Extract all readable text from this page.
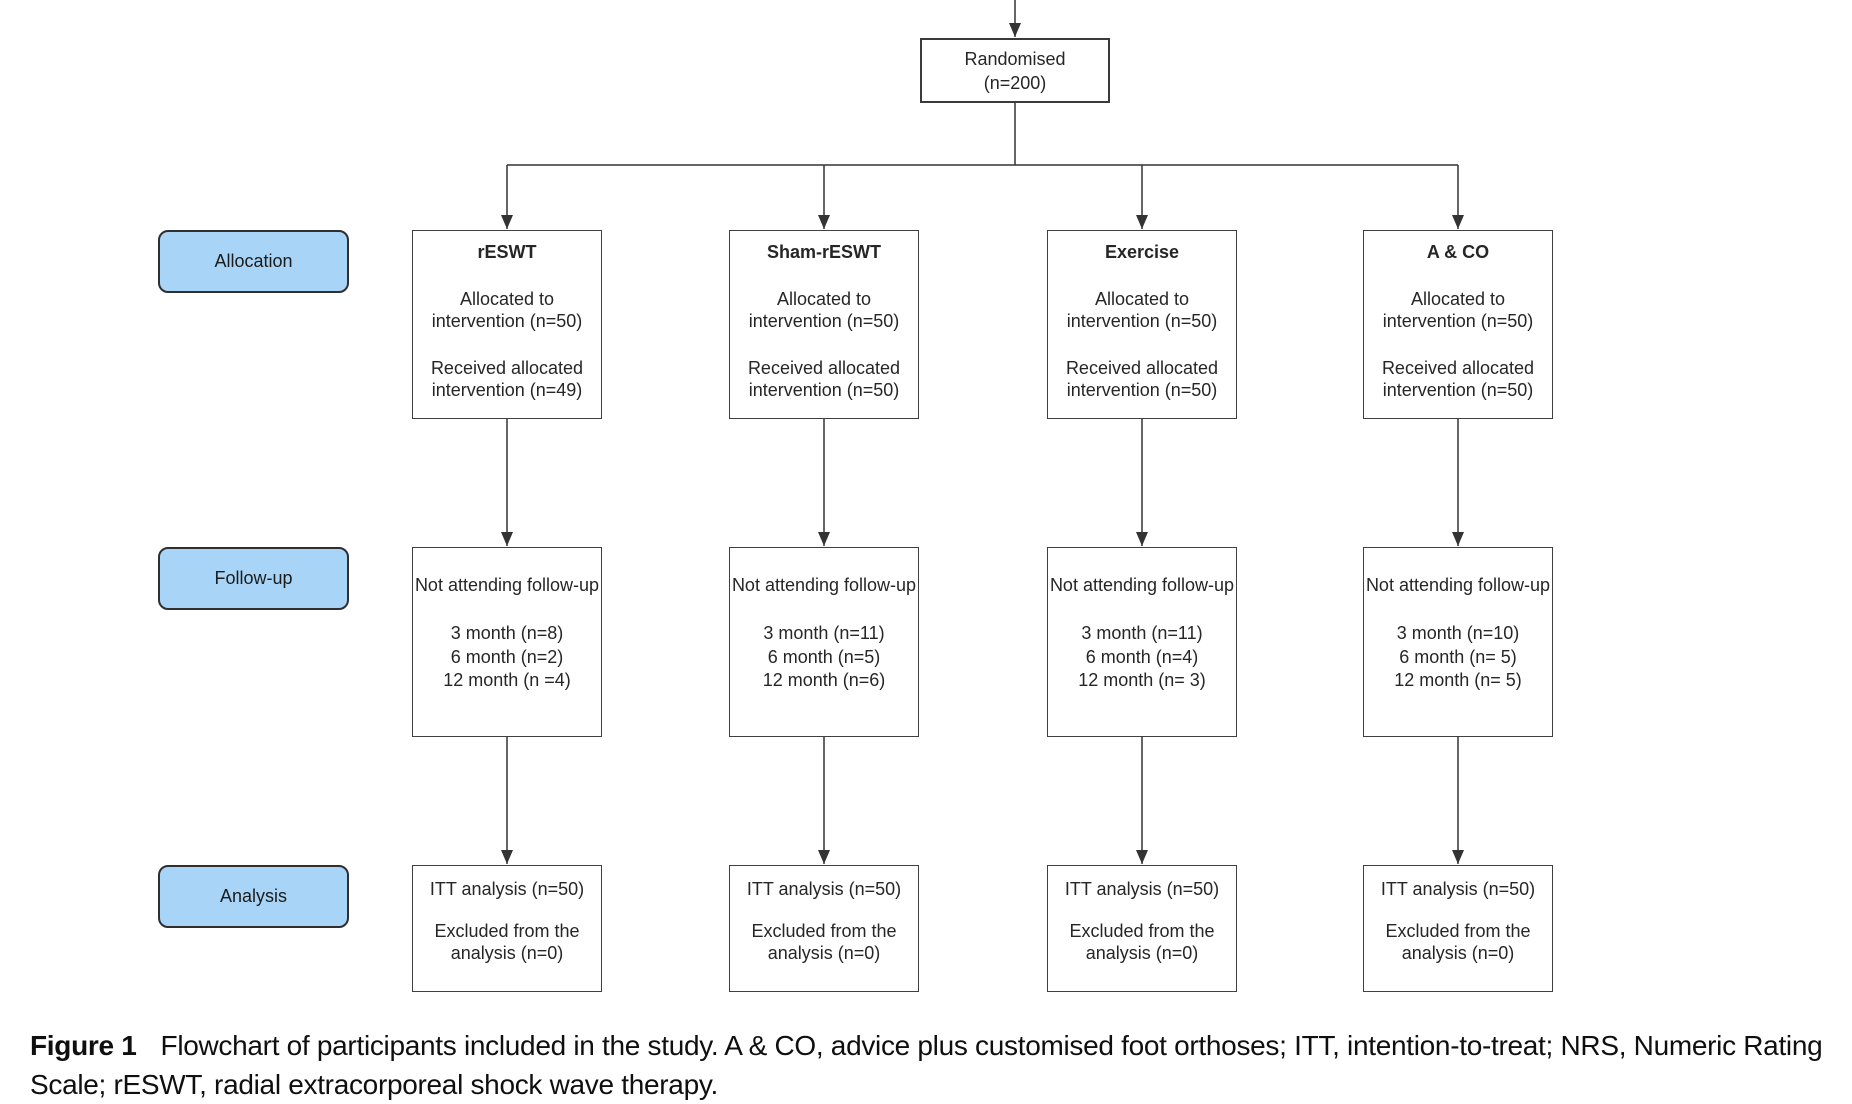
Randomised
(n=200)
Allocation
Follow-up
Analysis
rESWT
Allocated to intervention (n=50)
Received allocated intervention (n=49)
Not attending follow-up
3 month (n=8)
6 month (n=2)
12 month (n =4)
ITT analysis (n=50)
Excluded from the analysis (n=0)
Sham-rESWT
Allocated to intervention (n=50)
Received allocated intervention (n=50)
Not attending follow-up
3 month (n=11)
6 month (n=5)
12 month (n=6)
ITT analysis (n=50)
Excluded from the analysis (n=0)
Exercise
Allocated to intervention (n=50)
Received allocated intervention (n=50)
Not attending follow-up
3 month (n=11)
6 month (n=4)
12 month (n= 3)
ITT analysis (n=50)
Excluded from the analysis (n=0)
A & CO
Allocated to intervention (n=50)
Received allocated intervention (n=50)
Not attending follow-up
3 month (n=10)
6 month (n= 5)
12 month (n= 5)
ITT analysis (n=50)
Excluded from the analysis (n=0)
Figure 1 Flowchart of participants included in the study. A & CO, advice plus customised foot orthoses; ITT, intention-to-treat; NRS, Numeric Rating Scale; rESWT, radial extracorporeal shock wave therapy.
